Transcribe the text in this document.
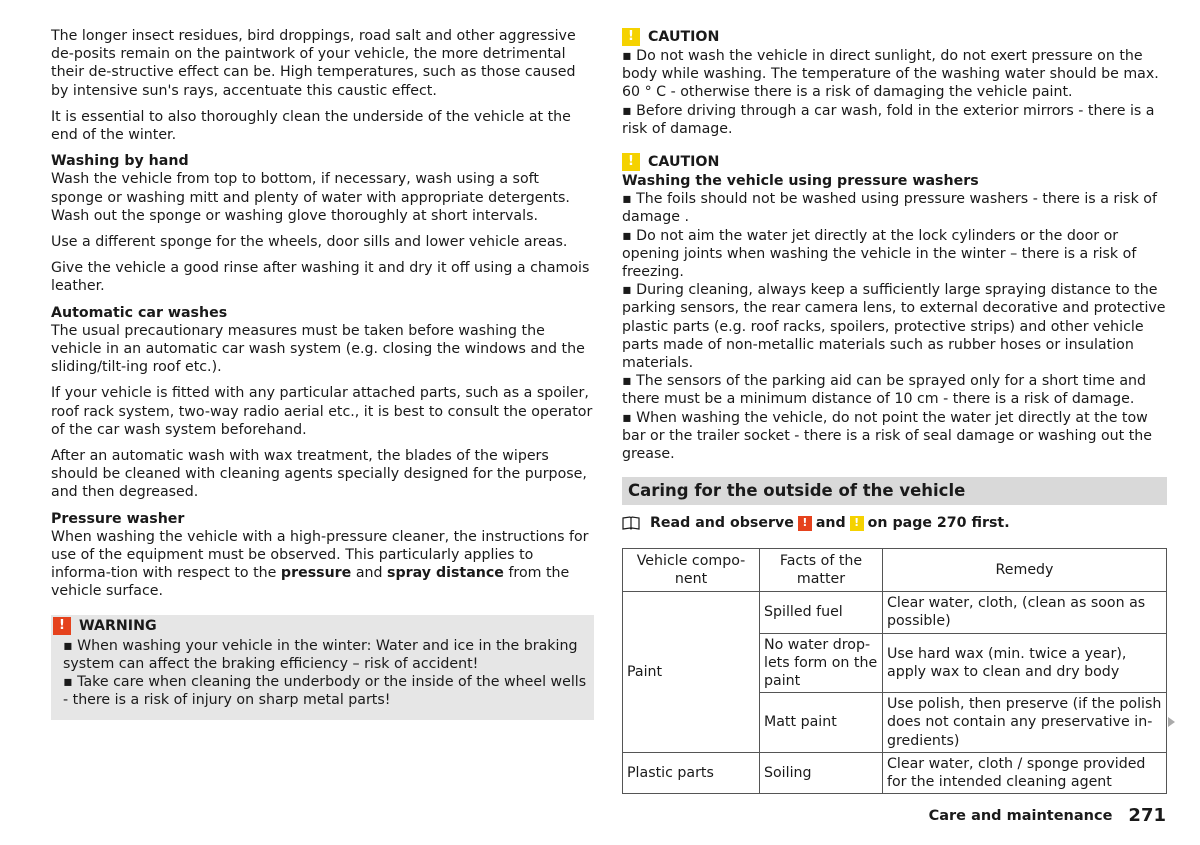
The longer insect residues, bird droppings, road salt and other aggressive de-posits remain on the paintwork of your vehicle, the more detrimental their de-structive effect can be. High temperatures, such as those caused by intensive sun's rays, accentuate this caustic effect.

It is essential to also thoroughly clean the underside of the vehicle at the end of the winter.

Washing by hand
Wash the vehicle from top to bottom, if necessary, wash using a soft sponge or washing mitt and plenty of water with appropriate detergents. Wash out the sponge or washing glove thoroughly at short intervals.

Use a different sponge for the wheels, door sills and lower vehicle areas.

Give the vehicle a good rinse after washing it and dry it off using a chamois leather.

Automatic car washes
The usual precautionary measures must be taken before washing the vehicle in an automatic car wash system (e.g. closing the windows and the sliding/tilt-ing roof etc.).

If your vehicle is fitted with any particular attached parts, such as a spoiler, roof rack system, two-way radio aerial etc., it is best to consult the operator of the car wash system beforehand.

After an automatic wash with wax treatment, the blades of the wipers should be cleaned with cleaning agents specially designed for the purpose, and then degreased.

Pressure washer
When washing the vehicle with a high-pressure cleaner, the instructions for use of the equipment must be observed. This particularly applies to informa-tion with respect to the pressure and spray distance from the vehicle surface.

! WARNING
▪ When washing your vehicle in the winter: Water and ice in the braking system can affect the braking efficiency – risk of accident!
▪ Take care when cleaning the underbody or the inside of the wheel wells - there is a risk of injury on sharp metal parts!
! CAUTION
▪ Do not wash the vehicle in direct sunlight, do not exert pressure on the body while washing. The temperature of the washing water should be max. 60 ° C - otherwise there is a risk of damaging the vehicle paint.
▪ Before driving through a car wash, fold in the exterior mirrors - there is a risk of damage.
! CAUTION
Washing the vehicle using pressure washers
▪ The foils should not be washed using pressure washers - there is a risk of damage .
▪ Do not aim the water jet directly at the lock cylinders or the door or opening joints when washing the vehicle in the winter – there is a risk of freezing.
▪ During cleaning, always keep a sufficiently large spraying distance to the parking sensors, the rear camera lens, to external decorative and protective plastic parts (e.g. roof racks, spoilers, protective strips) and other vehicle parts made of non-metallic materials such as rubber hoses or insulation materials.
▪ The sensors of the parking aid can be sprayed only for a short time and there must be a minimum distance of 10 cm - there is a risk of damage.
▪ When washing the vehicle, do not point the water jet directly at the tow bar or the trailer socket - there is a risk of seal damage or washing out the grease.
Caring for the outside of the vehicle
Read and observe ! and ! on page 270 first.
Vehicle compo-nent	Facts of the matter	Remedy
Paint	Spilled fuel	Clear water, cloth, (clean as soon as possible)
	No water drop-lets form on the paint	Use hard wax (min. twice a year), apply wax to clean and dry body
	Matt paint	Use polish, then preserve (if the polish does not contain any preservative in-gredients)
Plastic parts	Soiling	Clear water, cloth / sponge provided for the intended cleaning agent
Care and maintenance 271
